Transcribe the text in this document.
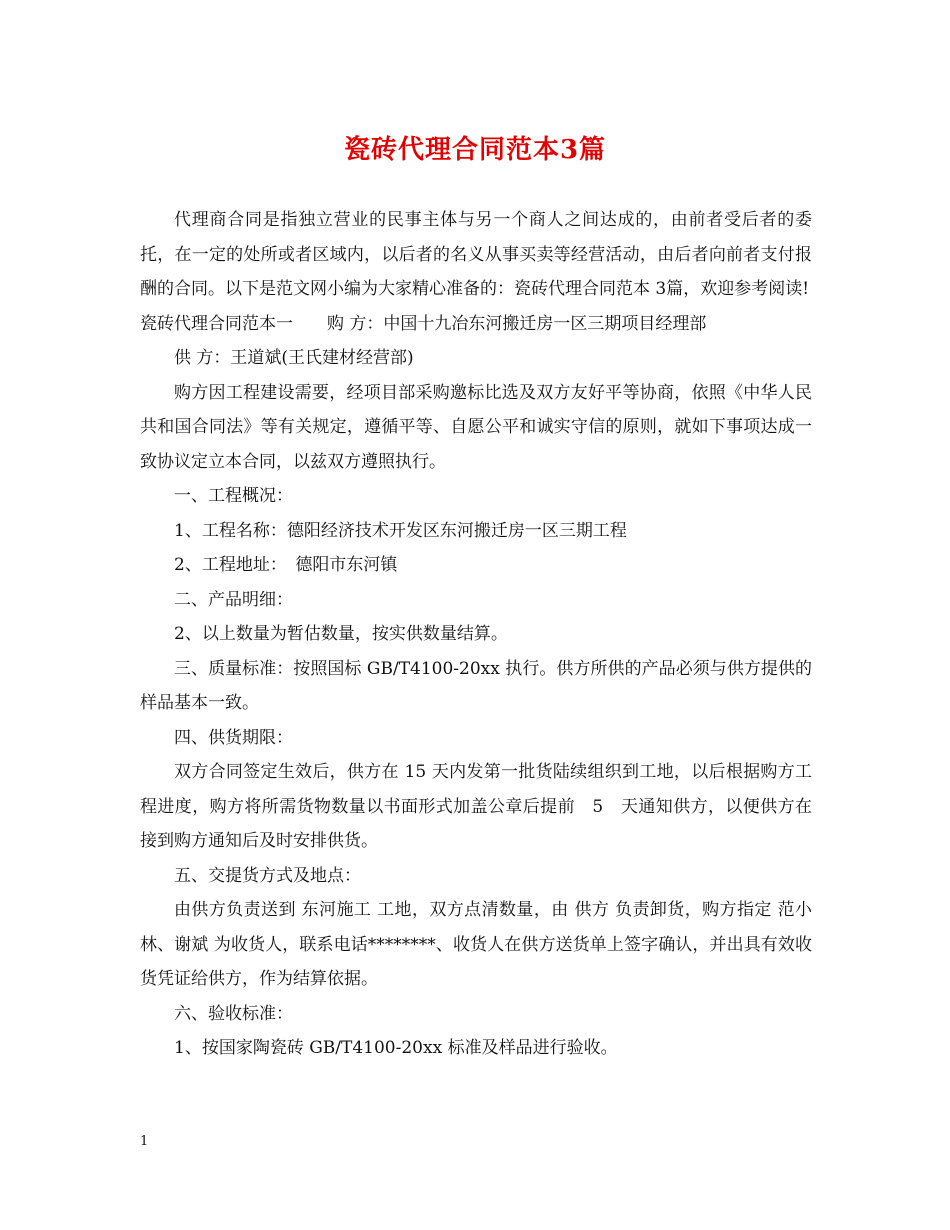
瓷砖代理合同范本3篇

代理商合同是指独立营业的民事主体与另一个商人之间达成的，由前者受后者的委托，在一定的处所或者区域内，以后者的名义从事买卖等经营活动，由后者向前者支付报酬的合同。以下是范文网小编为大家精心准备的：瓷砖代理合同范本 3篇，欢迎参考阅读!

瓷砖代理合同范本一　　购 方：中国十九冶东河搬迁房一区三期项目经理部

供 方：王道斌(王氏建材经营部)

购方因工程建设需要，经项目部采购邀标比选及双方友好平等协商，依照《中华人民共和国合同法》等有关规定，遵循平等、自愿公平和诚实守信的原则，就如下事项达成一致协议定立本合同，以兹双方遵照执行。

一、工程概况：

1、工程名称：德阳经济技术开发区东河搬迁房一区三期工程

2、工程地址：　德阳市东河镇

二、产品明细：

2、以上数量为暂估数量，按实供数量结算。

三、质量标准：按照国标 GB/T4100-20xx 执行。供方所供的产品必须与供方提供的样品基本一致。

四、供货期限：

双方合同签定生效后，供方在 15 天内发第一批货陆续组织到工地，以后根据购方工程进度，购方将所需货物数量以书面形式加盖公章后提前　5　天通知供方，以便供方在接到购方通知后及时安排供货。

五、交提货方式及地点：

由供方负责送到 东河施工 工地，双方点清数量，由 供方 负责卸货，购方指定 范小林、谢斌 为收货人，联系电话********、收货人在供方送货单上签字确认，并出具有效收货凭证给供方，作为结算依据。

六、验收标准：

1、按国家陶瓷砖 GB/T4100-20xx 标准及样品进行验收。

1
